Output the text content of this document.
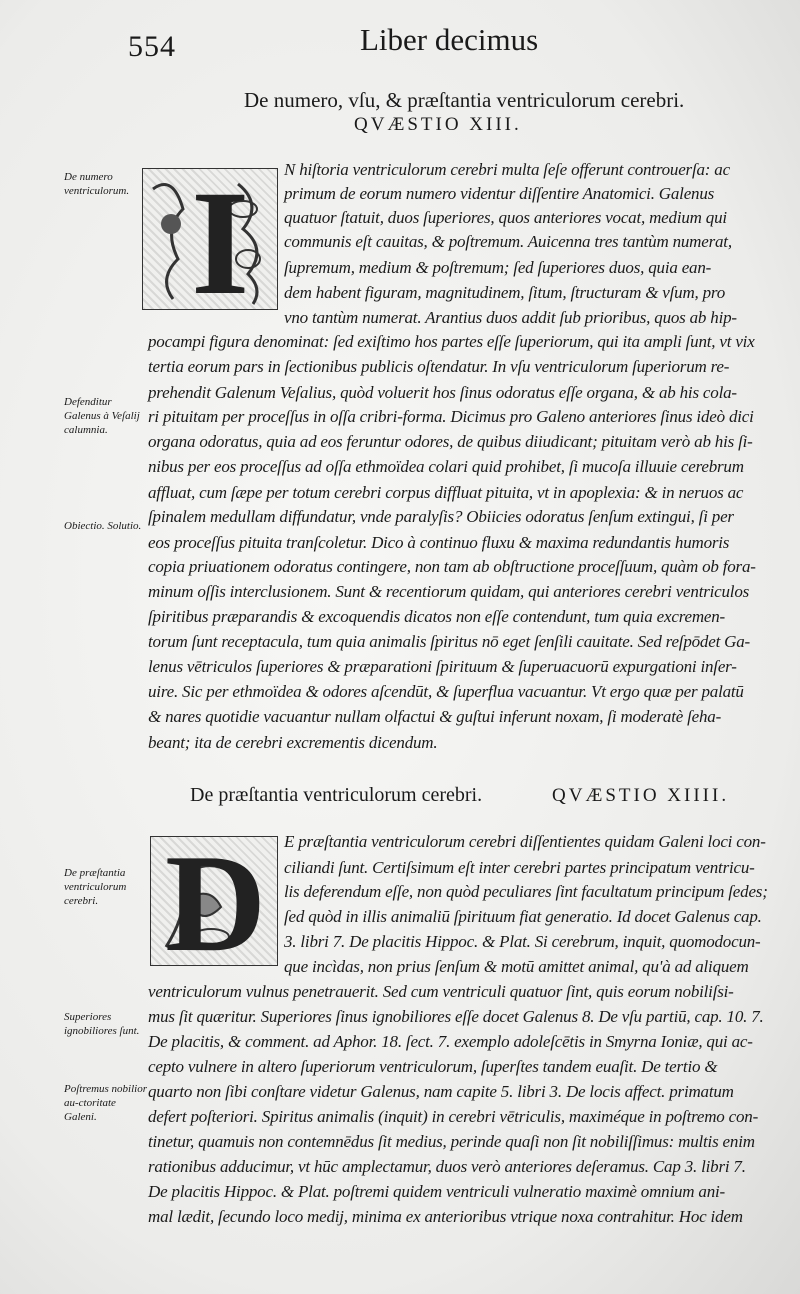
554	Liber decimus
De numero, vſu, & præſtantia ventriculorum cerebri.
QVÆSTIO XIII.
I
De numero ventriculorum.
Defenditur Galenus à Veſalij calumnia.
Obiectio. Solutio.
N hiſtoria ventriculorum cerebri multa ſeſe offerunt controuerſa: ac
primum de eorum numero videntur diſſentire Anatomici. Galenus
quatuor ſtatuit, duos ſuperiores, quos anteriores vocat, medium qui
communis eſt cauitas, & poſtremum. Auicenna tres tantùm numerat,
ſupremum, medium & poſtremum; ſed ſuperiores duos, quia ean-
dem habent figuram, magnitudinem, ſitum, ſtructuram & vſum, pro
vno tantùm numerat. Arantius duos addit ſub prioribus, quos ab hip-
pocampi figura denominat: ſed exiſtimo hos partes eſſe ſuperiorum, qui ita ampli ſunt, vt vix
tertia eorum pars in ſectionibus publicis oſtendatur. In vſu ventriculorum ſuperiorum re-
prehendit Galenum Veſalius, quòd voluerit hos ſinus odoratus eſſe organa, & ab his cola-
ri pituitam per proceſſus in oſſa cribri-forma. Dicimus pro Galeno anteriores ſinus ideò dici
organa odoratus, quia ad eos feruntur odores, de quibus diiudicant; pituitam verò ab his ſi-
nibus per eos proceſſus ad oſſa ethmoïdea colari quid prohibet, ſi mucoſa illuuie cerebrum
affluat, cum ſæpe per totum cerebri corpus diffluat pituita, vt in apoplexia: & in neruos ac
ſpinalem medullam diffundatur, vnde paralyſis? Obiicies odoratus ſenſum extingui, ſi per
eos proceſſus pituita tranſcoletur. Dico à continuo fluxu & maxima redundantis humoris
copia priuationem odoratus contingere, non tam ab obſtructione proceſſuum, quàm ob fora-
minum oſſis interclusionem. Sunt & recentiorum quidam, qui anteriores cerebri ventriculos
ſpiritibus præparandis & excoquendis dicatos non eſſe contendunt, tum quia excremen-
torum ſunt receptacula, tum quia animalis ſpiritus nō eget ſenſili cauitate. Sed reſpōdet Ga-
lenus vētriculos ſuperiores & præparationi ſpirituum & ſuperuacuorū expurgationi inſer-
uire. Sic per ethmoïdea & odores aſcendūt, & ſuperflua vacuantur. Vt ergo quæ per palatū
& nares quotidie vacuantur nullam olfactui & guſtui inferunt noxam, ſi moderatè ſeha-
beant; ita de cerebri excrementis dicendum.
De præſtantia ventriculorum cerebri.	QVÆSTIO XIIII.
D
De præſtantia ventriculorum cerebri.
Superiores ignobiliores ſunt.
Poſtremus nobilior au-ctoritate Galeni.
E præſtantia ventriculorum cerebri diſſentientes quidam Galeni loci con-
ciliandi ſunt. Certiſsimum eſt inter cerebri partes principatum ventricu-
lis deferendum eſſe, non quòd peculiares ſint facultatum principum ſedes;
ſed quòd in illis animaliū ſpirituum fiat generatio. Id docet Galenus cap.
3. libri 7. De placitis Hippoc. & Plat. Si cerebrum, inquit, quomodocun-
que incìdas, non prius ſenſum & motū amittet animal, qu'à ad aliquem
ventriculorum vulnus penetrauerit. Sed cum ventriculi quatuor ſint, quis eorum nobiliſsi-
mus ſit quæritur. Superiores ſinus ignobiliores eſſe docet Galenus 8. De vſu partiū, cap. 10. 7.
De placitis, & comment. ad Aphor. 18. ſect. 7. exemplo adoleſcētis in Smyrna Ioniæ, qui ac-
cepto vulnere in altero ſuperiorum ventriculorum, ſuperſtes tandem euaſit. De tertio &
quarto non ſibi conſtare videtur Galenus, nam capite 5. libri 3. De locis affect. primatum
defert poſteriori. Spiritus animalis (inquit) in cerebri vētriculis, maximéque in poſtremo con-
tinetur, quamuis non contemnēdus ſit medius, perinde quaſi non ſit nobiliſſimus: multis enim
rationibus adducimur, vt hūc amplectamur, duos verò anteriores deſeramus. Cap 3. libri 7.
De placitis Hippoc. & Plat. poſtremi quidem ventriculi vulneratio maximè omnium ani-
mal lædit, ſecundo loco medij, minima ex anterioribus vtrique noxa contrahitur. Hoc idem
